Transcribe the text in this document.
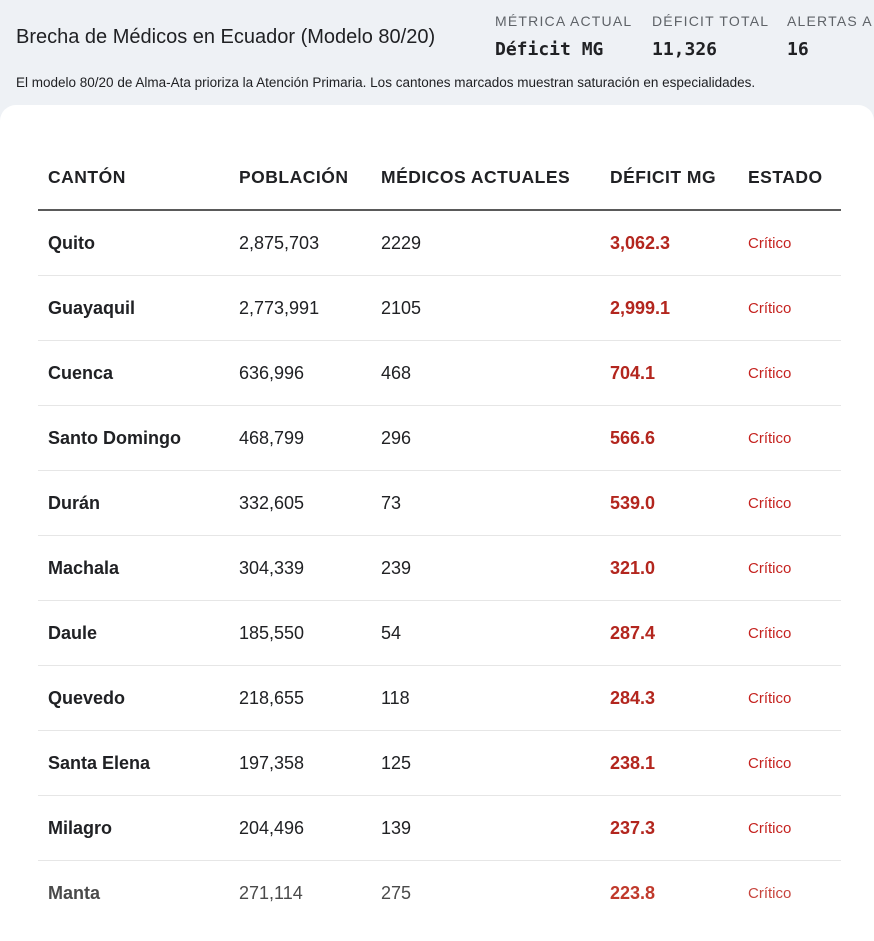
Brecha de Médicos en Ecuador (Modelo 80/20)
MÉTRICA ACTUAL
Déficit MG
DÉFICIT TOTAL
11,326
ALERTAS A
16
El modelo 80/20 de Alma-Ata prioriza la Atención Primaria. Los cantones marcados muestran saturación en especialidades.
CANTÓN	POBLACIÓN	MÉDICOS ACTUALES	DÉFICIT MG	ESTADO
Quito	2,875,703	2229	3,062.3	Crítico
Guayaquil	2,773,991	2105	2,999.1	Crítico
Cuenca	636,996	468	704.1	Crítico
Santo Domingo	468,799	296	566.6	Crítico
Durán	332,605	73	539.0	Crítico
Machala	304,339	239	321.0	Crítico
Daule	185,550	54	287.4	Crítico
Quevedo	218,655	118	284.3	Crítico
Santa Elena	197,358	125	238.1	Crítico
Milagro	204,496	139	237.3	Crítico
Manta	271,114	275	223.8	Crítico
